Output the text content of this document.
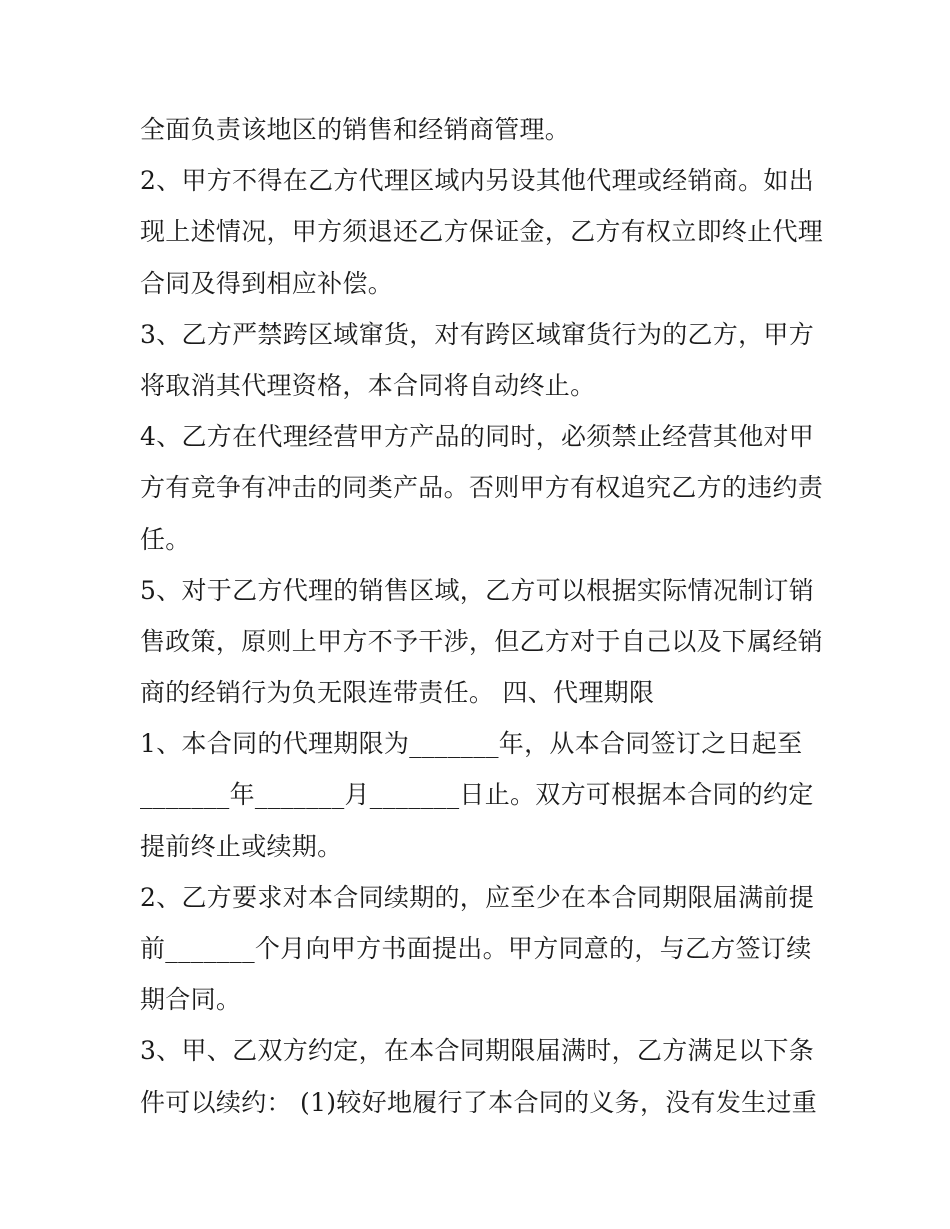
全面负责该地区的销售和经销商管理。
2、甲方不得在乙方代理区域内另设其他代理或经销商。如出
现上述情况，甲方须退还乙方保证金，乙方有权立即终止代理
合同及得到相应补偿。
3、乙方严禁跨区域窜货，对有跨区域窜货行为的乙方，甲方
将取消其代理资格，本合同将自动终止。
4、乙方在代理经营甲方产品的同时，必须禁止经营其他对甲
方有竞争有冲击的同类产品。否则甲方有权追究乙方的违约责
任。
5、对于乙方代理的销售区域，乙方可以根据实际情况制订销
售政策，原则上甲方不予干涉，但乙方对于自己以及下属经销
商的经销行为负无限连带责任。 四、代理期限
1、本合同的代理期限为_______年，从本合同签订之日起至
_______年_______月_______日止。双方可根据本合同的约定
提前终止或续期。
2、乙方要求对本合同续期的，应至少在本合同期限届满前提
前_______个月向甲方书面提出。甲方同意的，与乙方签订续
期合同。
3、甲、乙双方约定，在本合同期限届满时，乙方满足以下条
件可以续约： (1)较好地履行了本合同的义务，没有发生过重
